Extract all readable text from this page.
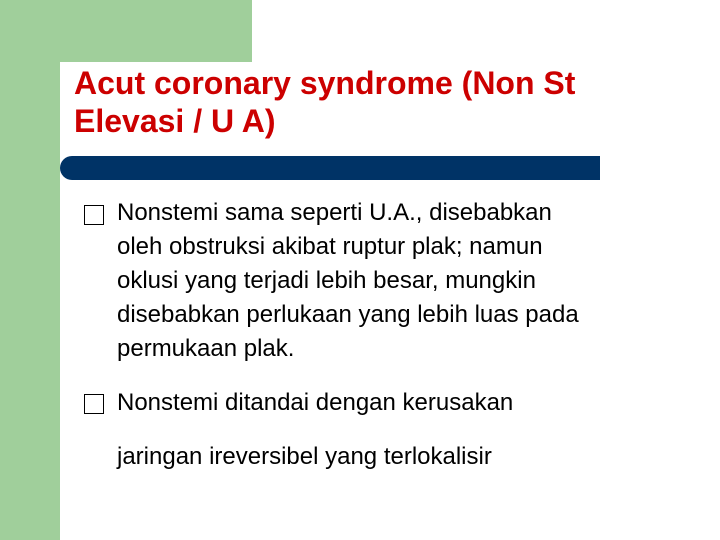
Acut coronary syndrome (Non St
Elevasi / U A)

Nonstemi sama seperti U.A., disebabkan
oleh obstruksi akibat ruptur plak; namun
oklusi yang terjadi lebih besar, mungkin
disebabkan perlukaan yang lebih luas pada
permukaan plak.

Nonstemi ditandai dengan kerusakan

jaringan ireversibel yang terlokalisir
